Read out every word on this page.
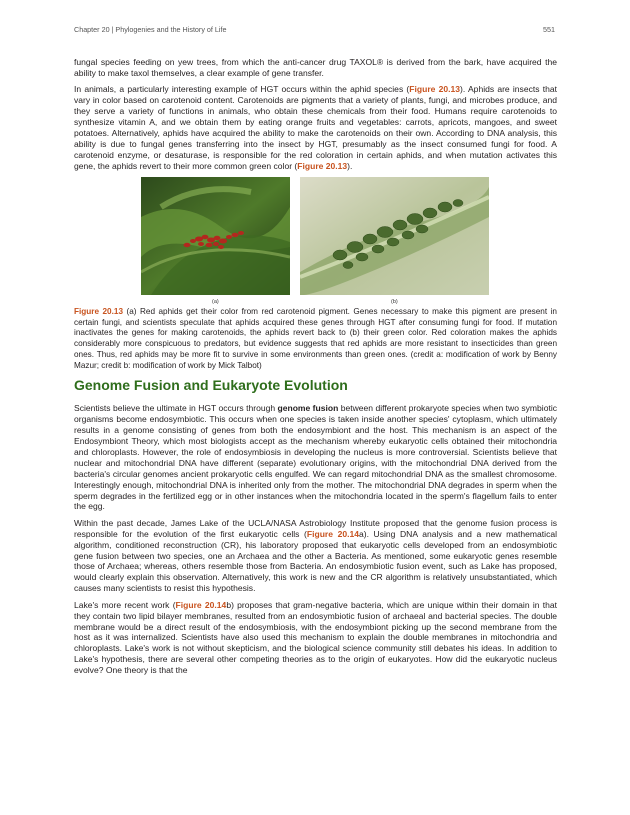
Chapter 20 | Phylogenies and the History of Life	551

fungal species feeding on yew trees, from which the anti-cancer drug TAXOL® is derived from the bark, have acquired the ability to make taxol themselves, a clear example of gene transfer.

In animals, a particularly interesting example of HGT occurs within the aphid species (Figure 20.13). Aphids are insects that vary in color based on carotenoid content. Carotenoids are pigments that a variety of plants, fungi, and microbes produce, and they serve a variety of functions in animals, who obtain these chemicals from their food. Humans require carotenoids to synthesize vitamin A, and we obtain them by eating orange fruits and vegetables: carrots, apricots, mangoes, and sweet potatoes. Alternatively, aphids have acquired the ability to make the carotenoids on their own. According to DNA analysis, this ability is due to fungal genes transferring into the insect by HGT, presumably as the insect consumed fungi for food. A carotenoid enzyme, or desaturase, is responsible for the red coloration in certain aphids, and when mutation activates this gene, the aphids revert to their more common green color (Figure 20.13).

(a)	(b)

Figure 20.13 (a) Red aphids get their color from red carotenoid pigment. Genes necessary to make this pigment are present in certain fungi, and scientists speculate that aphids acquired these genes through HGT after consuming fungi for food. If mutation inactivates the genes for making carotenoids, the aphids revert back to (b) their green color. Red coloration makes the aphids considerably more conspicuous to predators, but evidence suggests that red aphids are more resistant to insecticides than green ones. Thus, red aphids may be more fit to survive in some environments than green ones. (credit a: modification of work by Benny Mazur; credit b: modification of work by Mick Talbot)

Genome Fusion and Eukaryote Evolution

Scientists believe the ultimate in HGT occurs through genome fusion between different prokaryote species when two symbiotic organisms become endosymbiotic. This occurs when one species is taken inside another species' cytoplasm, which ultimately results in a genome consisting of genes from both the endosymbiont and the host. This mechanism is an aspect of the Endosymbiont Theory, which most biologists accept as the mechanism whereby eukaryotic cells obtained their mitochondria and chloroplasts. However, the role of endosymbiosis in developing the nucleus is more controversial. Scientists believe that nuclear and mitochondrial DNA have different (separate) evolutionary origins, with the mitochondrial DNA derived from the bacteria's circular genomes ancient prokaryotic cells engulfed. We can regard mitochondrial DNA as the smallest chromosome. Interestingly enough, mitochondrial DNA is inherited only from the mother. The mitochondrial DNA degrades in sperm when the sperm degrades in the fertilized egg or in other instances when the mitochondria located in the sperm's flagellum fails to enter the egg.

Within the past decade, James Lake of the UCLA/NASA Astrobiology Institute proposed that the genome fusion process is responsible for the evolution of the first eukaryotic cells (Figure 20.14a). Using DNA analysis and a new mathematical algorithm, conditioned reconstruction (CR), his laboratory proposed that eukaryotic cells developed from an endosymbiotic gene fusion between two species, one an Archaea and the other a Bacteria. As mentioned, some eukaryotic genes resemble those of Archaea; whereas, others resemble those from Bacteria. An endosymbiotic fusion event, such as Lake has proposed, would clearly explain this observation. Alternatively, this work is new and the CR algorithm is relatively unsubstantiated, which causes many scientists to resist this hypothesis.

Lake's more recent work (Figure 20.14b) proposes that gram-negative bacteria, which are unique within their domain in that they contain two lipid bilayer membranes, resulted from an endosymbiotic fusion of archaeal and bacterial species. The double membrane would be a direct result of the endosymbiosis, with the endosymbiont picking up the second membrane from the host as it was internalized. Scientists have also used this mechanism to explain the double membranes in mitochondria and chloroplasts. Lake's work is not without skepticism, and the biological science community still debates his ideas. In addition to Lake's hypothesis, there are several other competing theories as to the origin of eukaryotes. How did the eukaryotic nucleus evolve? One theory is that the
